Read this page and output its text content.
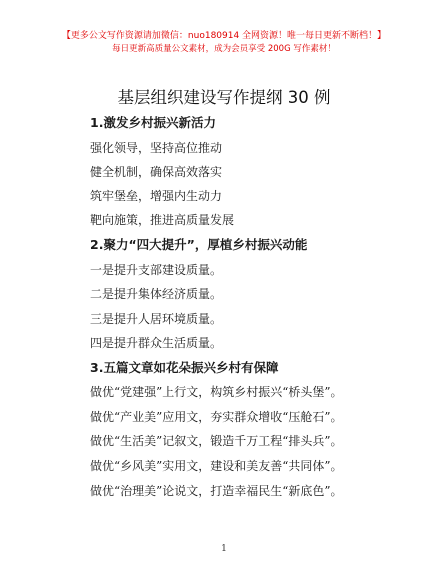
【更多公文写作资源请加微信：nuo180914 全网资源！唯一每日更新不断档！】
每日更新高质量公文素材，成为会员享受 200G 写作素材！
基层组织建设写作提纲 30 例
1.激发乡村振兴新活力
强化领导，坚持高位推动
健全机制，确保高效落实
筑牢堡垒，增强内生动力
靶向施策，推进高质量发展
2.聚力“四大提升”，厚植乡村振兴动能
一是提升支部建设质量。
二是提升集体经济质量。
三是提升人居环境质量。
四是提升群众生活质量。
3.五篇文章如花朵振兴乡村有保障
做优“党建强”上行文，构筑乡村振兴“桥头堡”。
做优“产业美”应用文，夯实群众增收“压舱石”。
做优“生活美”记叙文，锻造千万工程“排头兵”。
做优“乡风美”实用文，建设和美友善“共同体”。
做优“治理美”论说文，打造幸福民生“新底色”。
1
